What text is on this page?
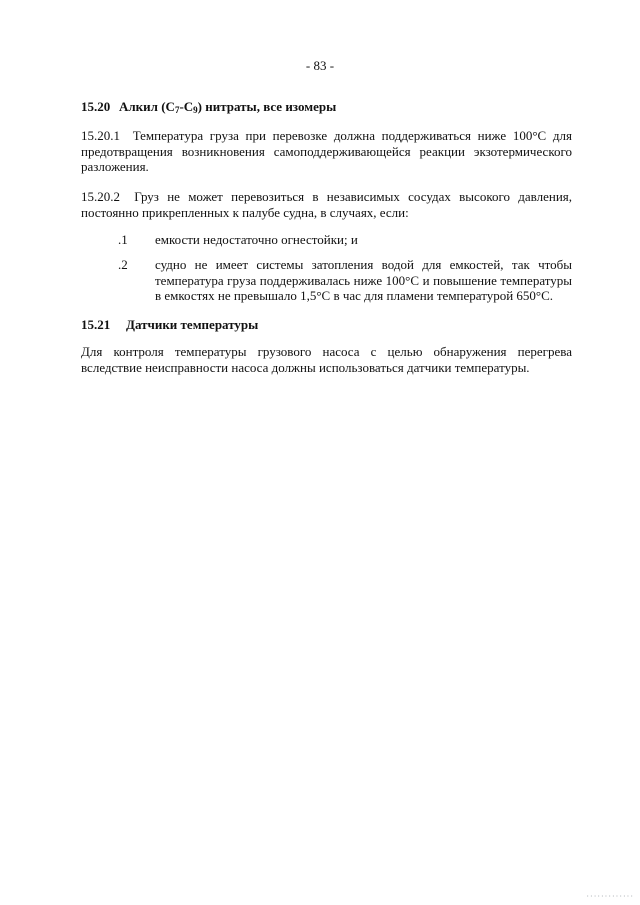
- 83 -
15.20 Алкил $(С_7-С_9)$ нитраты, все изомеры
15.20.1 Температура груза при перевозке должна поддерживаться ниже 100°С для предотвращения возникновения самоподдерживающейся реакции экзотермического разложения.
15.20.2 Груз не может перевозиться в независимых сосудах высокого давления, постоянно прикрепленных к палубе судна, в случаях, если:
.1 емкости недостаточно огнестойки; и
.2 судно не имеет системы затопления водой для емкостей, так чтобы температура груза поддерживалась ниже 100°С и повышение температуры в емкостях не превышало 1,5°С в час для пламени температурой 650°С.
15.21 Датчики температуры
Для контроля температуры грузового насоса с целью обнаружения перегрева вследствие неисправности насоса должны использоваться датчики температуры.
·············
